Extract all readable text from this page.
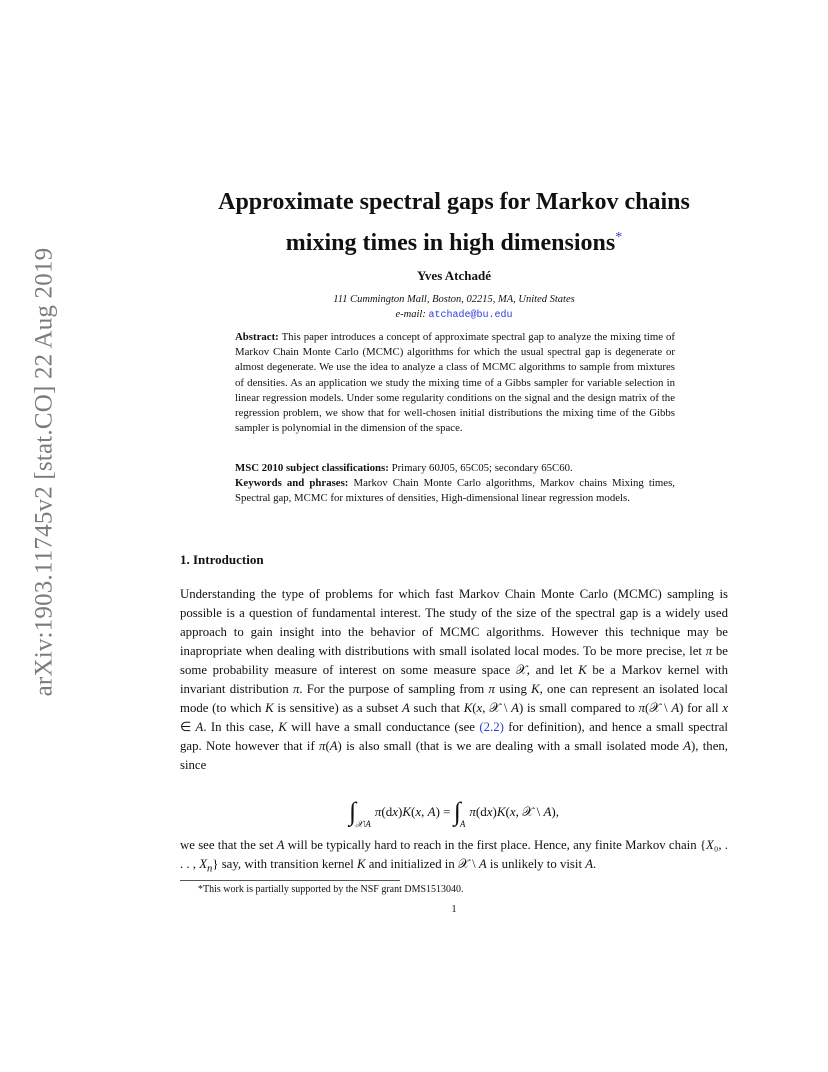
arXiv:1903.11745v2 [stat.CO] 22 Aug 2019
Approximate spectral gaps for Markov chains
mixing times in high dimensions*
Yves Atchadé
111 Cummington Mall, Boston, 02215, MA, United States
e-mail: atchade@bu.edu
Abstract: This paper introduces a concept of approximate spectral gap to analyze the mixing time of Markov Chain Monte Carlo (MCMC) algorithms for which the usual spectral gap is degenerate or almost degenerate. We use the idea to analyze a class of MCMC algorithms to sample from mixtures of densities. As an application we study the mixing time of a Gibbs sampler for variable selection in linear regression models. Under some regularity conditions on the signal and the design matrix of the regression problem, we show that for well-chosen initial distributions the mixing time of the Gibbs sampler is polynomial in the dimension of the space.
MSC 2010 subject classifications: Primary 60J05, 65C05; secondary 65C60.
Keywords and phrases: Markov Chain Monte Carlo algorithms, Markov chains Mixing times, Spectral gap, MCMC for mixtures of densities, High-dimensional linear regression models.
1. Introduction
Understanding the type of problems for which fast Markov Chain Monte Carlo (MCMC) sampling is possible is a question of fundamental interest. The study of the size of the spectral gap is a widely used approach to gain insight into the behavior of MCMC algorithms. However this technique may be inapropriate when dealing with distributions with small isolated local modes. To be more precise, let π be some probability measure of interest on some measure space 𝒳, and let K be a Markov kernel with invariant distribution π. For the purpose of sampling from π using K, one can represent an isolated local mode (to which K is sensitive) as a subset A such that K(x, 𝒳 \ A) is small compared to π(𝒳 \ A) for all x ∈ A. In this case, K will have a small conductance (see (2.2) for definition), and hence a small spectral gap. Note however that if π(A) is also small (that is we are dealing with a small isolated mode A), then, since
∫ 𝒳\A
π(dx)K(x, A) = ∫ A
π(dx)K(x, 𝒳 \ A),
we see that the set A will be typically hard to reach in the first place. Hence, any finite Markov chain {X₀, . . . , $X_n$} say, with transition kernel K and initialized in 𝒳 \ A is unlikely to visit A.
*This work is partially supported by the NSF grant DMS1513040.
1
